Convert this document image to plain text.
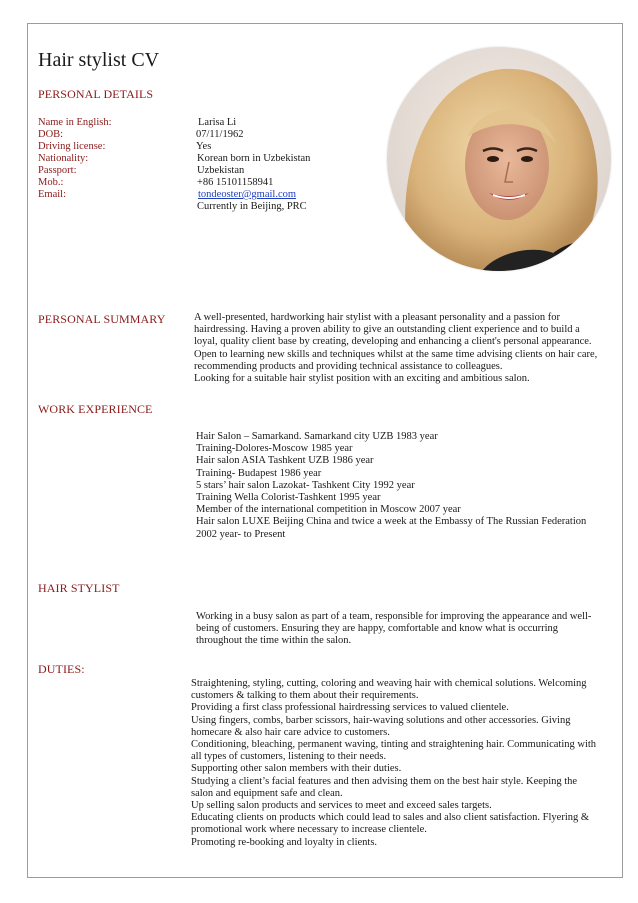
Hair stylist CV
PERSONAL DETAILS
Name in English:
DOB:
Driving license:
Nationality:
Passport:
Mob.:
Email:
Larisa Li
07/11/1962
Yes
Korean born in Uzbekistan
Uzbekistan
+86 15101158941
tondeoster@gmail.com
Currently in Beijing, PRC
PERSONAL SUMMARY	A well-presented, hardworking hair stylist with a pleasant personality and a passion for
hairdressing. Having a proven ability to give an outstanding client experience and to build a
loyal, quality client base by creating, developing and enhancing a client's personal appearance.
Open to learning new skills and techniques whilst at the same time advising clients on hair care,
recommending products and providing technical assistance to colleagues.
Looking for a suitable hair stylist position with an exciting and ambitious salon.
WORK EXPERIENCE
Hair Salon – Samarkand. Samarkand city UZB 1983 year
Training-Dolores-Moscow 1985 year
Hair salon ASIA Tashkent UZB 1986 year
Training- Budapest 1986 year
5 stars’ hair salon Lazokat- Tashkent City 1992 year
Training Wella Colorist-Tashkent 1995 year
Member of the international competition in Moscow 2007 year
Hair salon LUXE Beijing China and twice a week at the Embassy of The Russian Federation
2002 year- to Present
HAIR STYLIST
Working in a busy salon as part of a team, responsible for improving the appearance and well-
being of customers. Ensuring they are happy, comfortable and know what is occurring
throughout the time within the salon.
DUTIES:
Straightening, styling, cutting, coloring and weaving hair with chemical solutions. Welcoming
customers & talking to them about their requirements.
Providing a first class professional hairdressing services to valued clientele.
Using fingers, combs, barber scissors, hair-waving solutions and other accessories. Giving
homecare & also hair care advice to customers.
Conditioning, bleaching, permanent waving, tinting and straightening hair. Communicating with
all types of customers, listening to their needs.
Supporting other salon members with their duties.
Studying a client’s facial features and then advising them on the best hair style. Keeping the
salon and equipment safe and clean.
Up selling salon products and services to meet and exceed sales targets.
Educating clients on products which could lead to sales and also client satisfaction. Flyering &
promotional work where necessary to increase clientele.
Promoting re-booking and loyalty in clients.
